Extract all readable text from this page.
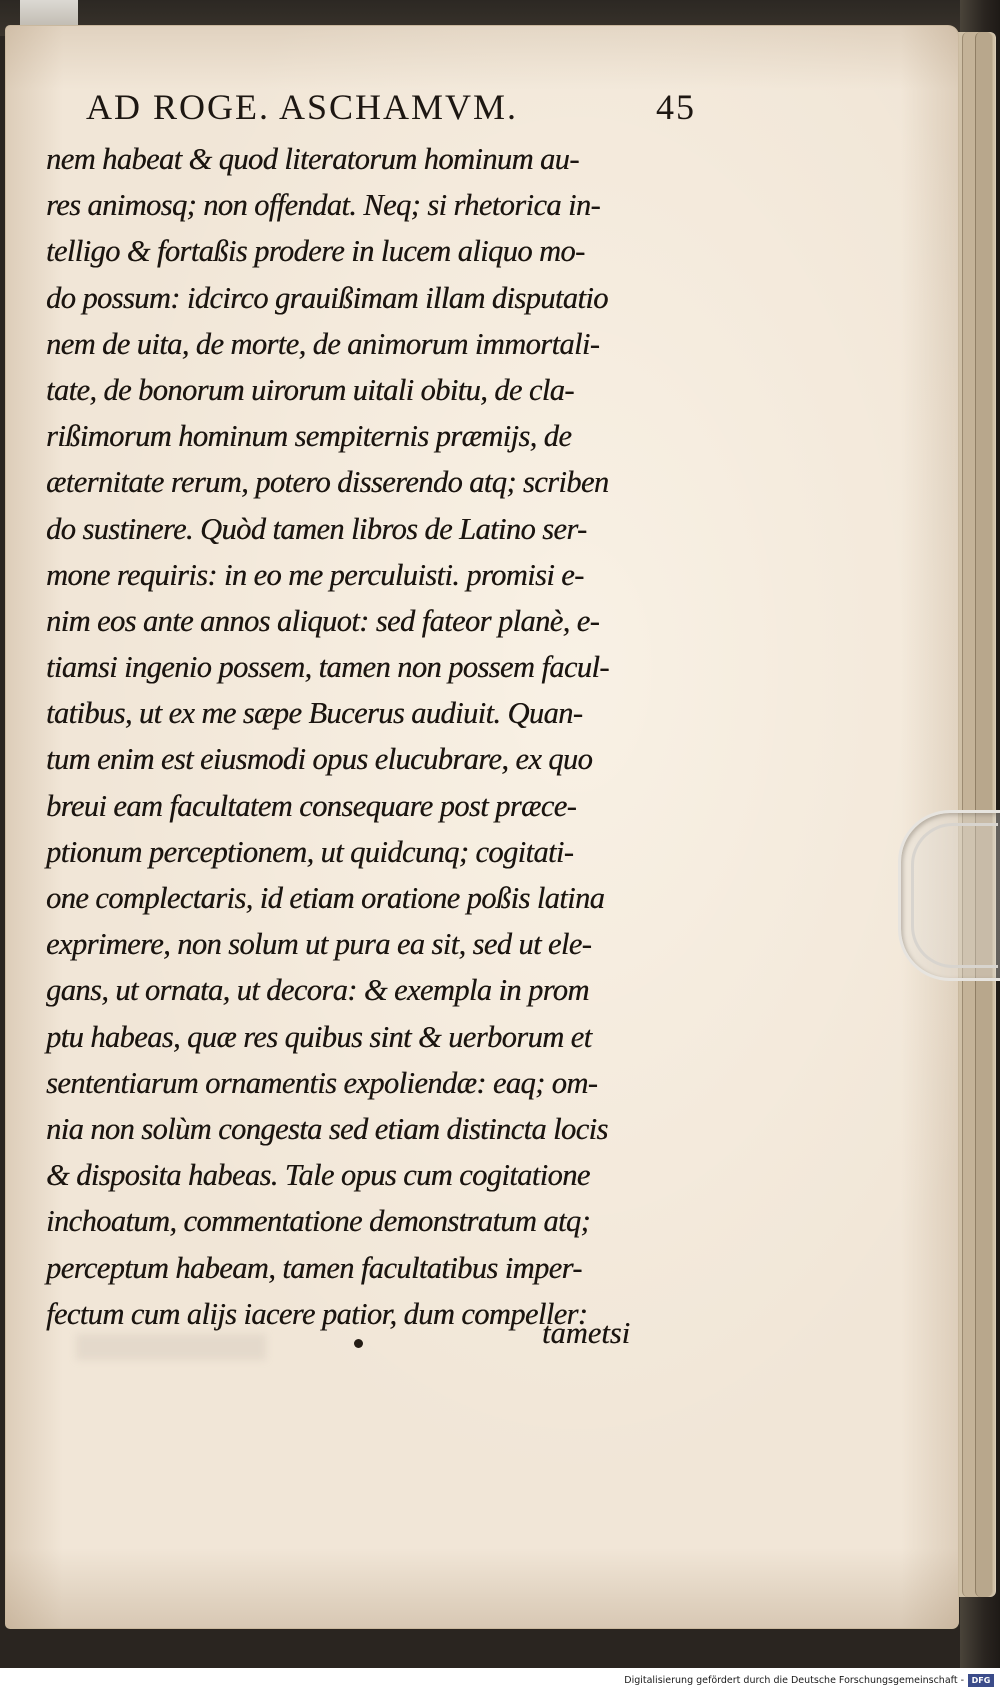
AD ROGE. ASCHAMVM.	45
nem habeat & quod literatorum hominum au-
res animosq; non offendat. Neq; si rhetorica in-
telligo & fortaßis prodere in lucem aliquo mo-
do possum: idcirco grauißimam illam disputatio
nem de uita, de morte, de animorum immortali-
tate, de bonorum uirorum uitali obitu, de cla-
rißimorum hominum sempiternis præmijs, de
æternitate rerum, potero disserendo atq; scriben
do sustinere. Quòd tamen libros de Latino ser-
mone requiris: in eo me perculuisti. promisi e-
nim eos ante annos aliquot: sed fateor planè, e-
tiamsi ingenio possem, tamen non possem facul-
tatibus, ut ex me sæpe Bucerus audiuit. Quan-
tum enim est eiusmodi opus elucubrare, ex quo
breui eam facultatem consequare post præce-
ptionum perceptionem, ut quidcunq; cogitati-
one complectaris, id etiam oratione poßis latina
exprimere, non solum ut pura ea sit, sed ut ele-
gans, ut ornata, ut decora: & exempla in prom
ptu habeas, quæ res quibus sint & uerborum et
sententiarum ornamentis expoliendæ: eaq; om-
nia non solùm congesta sed etiam distincta locis
& disposita habeas. Tale opus cum cogitatione
inchoatum, commentatione demonstratum atq;
perceptum habeam, tamen facultatibus imper-
fectum cum alijs iacere patior, dum compeller:
tametsi
Digitalisierung gefördert durch die Deutsche Forschungsgemeinschaft - DFG
